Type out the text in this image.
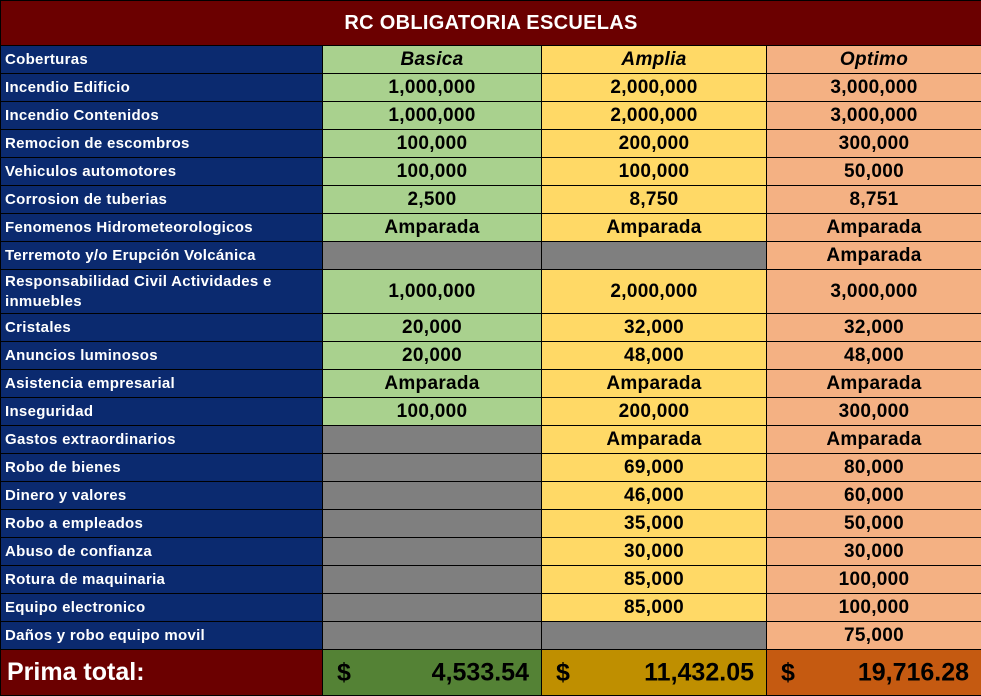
RC OBLIGATORIA ESCUELAS			
Coberturas	Basica	Amplia	Optimo
Incendio Edificio	1,000,000	2,000,000	3,000,000
Incendio Contenidos	1,000,000	2,000,000	3,000,000
Remocion de escombros	100,000	200,000	300,000
Vehiculos automotores	100,000	100,000	50,000
Corrosion de tuberias	2,500	8,750	8,751
Fenomenos Hidrometeorologicos	Amparada	Amparada	Amparada
Terremoto y/o Erupción Volcánica			Amparada
Responsabilidad Civil Actividades e inmuebles	1,000,000	2,000,000	3,000,000
Cristales	20,000	32,000	32,000
Anuncios luminosos	20,000	48,000	48,000
Asistencia empresarial	Amparada	Amparada	Amparada
Inseguridad	100,000	200,000	300,000
Gastos extraordinarios		Amparada	Amparada
Robo de bienes		69,000	80,000
Dinero y valores		46,000	60,000
Robo a empleados		35,000	50,000
Abuso de confianza		30,000	30,000
Rotura de maquinaria		85,000	100,000
Equipo electronico		85,000	100,000
Daños y robo equipo movil			75,000
Prima total:	$ 4,533.54	$ 11,432.05	$ 19,716.28
